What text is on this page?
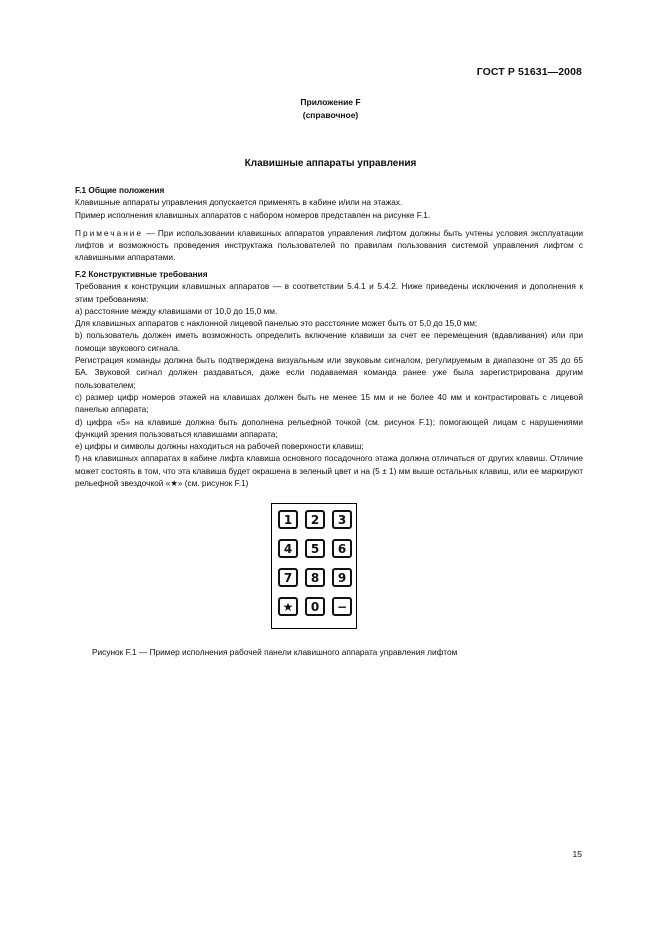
ГОСТ Р 51631—2008
Приложение F
(справочное)
Клавишные аппараты управления

F.1 Общие положения

Клавишные аппараты управления допускается применять в кабине и/или на этажах.

Пример исполнения клавишных аппаратов с набором номеров представлен на рисунке F.1.

Примечание — При использовании клавишных аппаратов управления лифтом должны быть учтены условия эксплуатации лифтов и возможность проведения инструктажа пользователей по правилам пользования системой управления лифтом с клавишными аппаратами.

F.2 Конструктивные требования

Требования к конструкции клавишных аппаратов — в соответствии 5.4.1 и 5.4.2. Ниже приведены исключения и дополнения к этим требованиям:

а) расстояние между клавишами от 10,0 до 15,0 мм.

Для клавишных аппаратов с наклонной лицевой панелью это расстояние может быть от 5,0 до 15,0 мм;

b) пользователь должен иметь возможность определить включение клавиши за счет ее перемещения (вдавливания) или при помощи звукового сигнала.

Регистрация команды должна быть подтверждена визуальным или звуковым сигналом, регулируемым в диапазоне от 35 до 65 БА. Звуковой сигнал должен раздаваться, даже если подаваемая команда ранее уже была зарегистрирована другим пользователем;

с) размер цифр номеров этажей на клавишах должен быть не менее 15 мм и не более 40 мм и контрастировать с лицевой панелью аппарата;

d) цифра «5» на клавише должна быть дополнена рельефной точкой (см. рисунок F.1); помогающей лицам с нарушениями функций зрения пользоваться клавишами аппарата;

е) цифры и символы должны находиться на рабочей поверхности клавиш;

f) на клавишных аппаратах в кабине лифта клавиша основного посадочного этажа должна отличаться от других клавиш. Отличие может состоять в том, что эта клавиша будет окрашена в зеленый цвет и на (5 ± 1) мм выше остальных клавиш, или ее маркируют рельефной звездочкой «★» (см. рисунок F.1)

1	2	3
4	5	6
7	8	9
★	0	−
Рисунок F.1 — Пример исполнения рабочей панели клавишного аппарата управления лифтом
15
